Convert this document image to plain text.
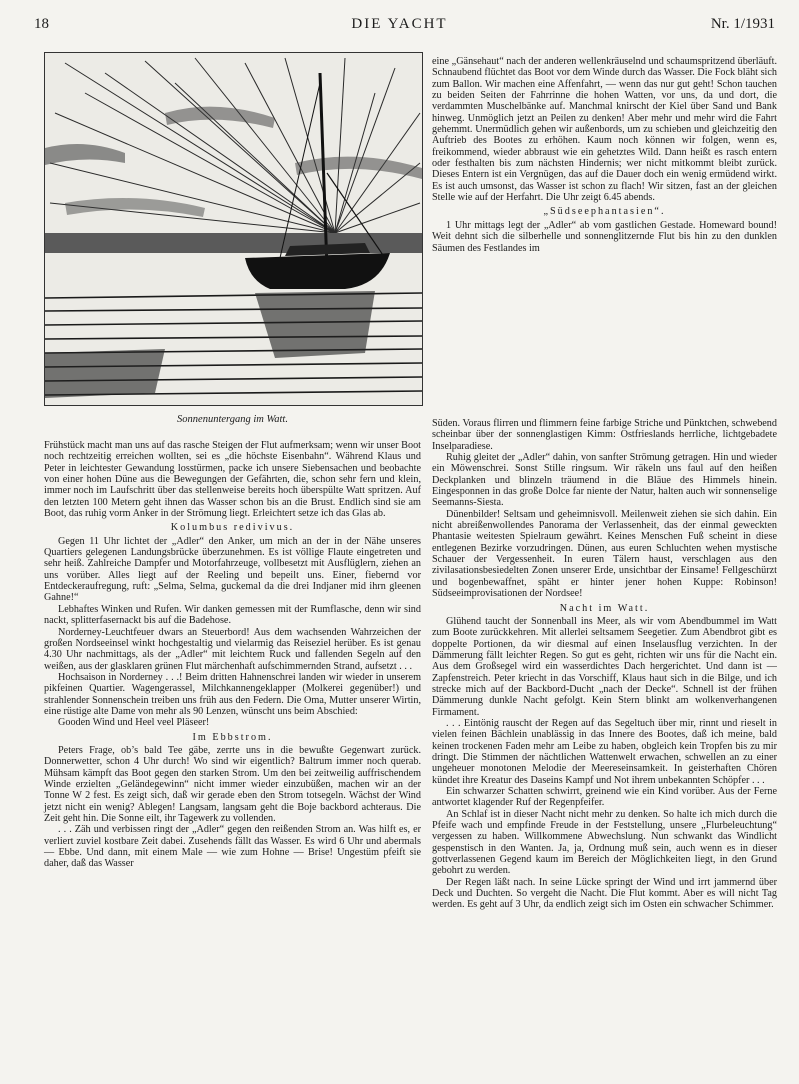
18	DIE YACHT	Nr. 1/1931
Sonnenuntergang im Watt.

Frühstück macht man uns auf das rasche Steigen der Flut aufmerksam; wenn wir unser Boot noch rechtzeitig erreichen wollten, sei es „die höchste Eisenbahn“. Während Klaus und Peter in leichtester Gewandung losstürmen, packe ich unsere Siebensachen und beobachte von einer hohen Düne aus die Bewegungen der Gefährten, die, schon sehr fern und klein, immer noch im Laufschritt über das stellenweise bereits hoch überspülte Watt spritzen. Auf den letzten 100 Metern geht ihnen das Wasser schon bis an die Brust. Endlich sind sie am Boot, das ruhig vorm Anker in der Strömung liegt. Erleichtert setze ich das Glas ab.

Kolumbus redivivus.

Gegen 11 Uhr lichtet der „Adler“ den Anker, um mich an der in der Nähe unseres Quartiers gelegenen Landungsbrücke überzunehmen. Es ist völlige Flaute eingetreten und sehr heiß. Zahlreiche Dampfer und Motorfahrzeuge, vollbesetzt mit Ausflüglern, ziehen an uns vorüber. Alles liegt auf der Reeling und bepeilt uns. Einer, fiebernd vor Entdeckeraufregung, ruft: „Selma, Selma, guckemal da die drei Indjaner mid ihrn gleenen Gahne!“

Lebhaftes Winken und Rufen. Wir danken gemessen mit der Rumflasche, denn wir sind nackt, splitterfasernackt bis auf die Badehose.

Norderney-Leuchtfeuer dwars an Steuerbord! Aus dem wachsenden Wahrzeichen der großen Nordseeinsel winkt hochgestaltig und vielarmig das Reiseziel herüber. Es ist genau 4.30 Uhr nachmittags, als der „Adler“ mit leichtem Ruck und fallenden Segeln auf den weißen, aus der glasklaren grünen Flut märchenhaft aufschimmernden Strand, aufsetzt . . .

Hochsaison in Norderney . . .! Beim dritten Hahnenschrei landen wir wieder in unserem pikfeinen Quartier. Wagengerassel, Milchkannengeklapper (Molkerei gegenüber!) und strahlender Sonnenschein treiben uns früh aus den Federn. Die Oma, Mutter unserer Wirtin, eine rüstige alte Dame von mehr als 90 Lenzen, wünscht uns beim Abschied:

Gooden Wind und Heel veel Pläseer!

Im Ebbstrom.

Peters Frage, ob’s bald Tee gäbe, zerrte uns in die bewußte Gegenwart zurück. Donnerwetter, schon 4 Uhr durch! Wo sind wir eigentlich? Baltrum immer noch querab. Mühsam kämpft das Boot gegen den starken Strom. Um den bei zeitweilig auffrischendem Winde erzielten „Geländegewinn“ nicht immer wieder einzubüßen, machen wir an der Tonne W 2 fest. Es zeigt sich, daß wir gerade eben den Strom totsegeln. Wächst der Wind jetzt nicht ein wenig? Ablegen! Langsam, langsam geht die Boje backbord achteraus. Die Zeit geht hin. Die Sonne eilt, ihr Tagewerk zu vollenden.

. . . Zäh und verbissen ringt der „Adler“ gegen den reißenden Strom an. Was hilft es, er verliert zuviel kostbare Zeit dabei. Zusehends fällt das Wasser. Es wird 6 Uhr und abermals — Ebbe. Und dann, mit einem Male — wie zum Hohne — Brise! Ungestüm pfeift sie daher, daß das Wasser

eine „Gänsehaut“ nach der anderen wellenkräuselnd und schaumspritzend überläuft. Schnaubend flüchtet das Boot vor dem Winde durch das Wasser. Die Fock bläht sich zum Ballon. Wir machen eine Affenfahrt, — wenn das nur gut geht! Schon tauchen zu beiden Seiten der Fahrrinne die hohen Watten, vor uns, da und dort, die verdammten Muschelbänke auf. Manchmal knirscht der Kiel über Sand und Bank hinweg. Unmöglich jetzt an Peilen zu denken! Aber mehr und mehr wird die Fahrt gehemmt. Unermüdlich gehen wir außenbords, um zu schieben und gleichzeitig den Auftrieb des Bootes zu erhöhen. Kaum noch können wir folgen, wenn es, freikommend, wieder abbraust wie ein gehetztes Wild. Dann heißt es rasch entern oder festhalten bis zum nächsten Hindernis; wer nicht mitkommt bleibt zurück. Dieses Entern ist ein Vergnügen, das auf die Dauer doch ein wenig ermüdend wirkt. Es ist auch umsonst, das Wasser ist schon zu flach! Wir sitzen, fast an der gleichen Stelle wie auf der Herfahrt. Die Uhr zeigt 6.45 abends.

„Südseephantasien“.

1 Uhr mittags legt der „Adler“ ab vom gastlichen Gestade. Homeward bound! Weit dehnt sich die silberhelle und sonnenglitzernde Flut bis hin zu den dunklen Säumen des Festlandes im

Süden. Voraus flirren und flimmern feine farbige Striche und Pünktchen, schwebend scheinbar über der sonnenglastigen Kimm: Ostfrieslands herrliche, lichtgebadete Inselparadiese.

Ruhig gleitet der „Adler“ dahin, von sanfter Strömung getragen. Hin und wieder ein Möwenschrei. Sonst Stille ringsum. Wir räkeln uns faul auf den heißen Deckplanken und blinzeln träumend in die Bläue des Himmels hinein. Eingesponnen in das große Dolce far niente der Natur, halten auch wir sonnenselige Seemanns-Siesta.

Dünenbilder! Seltsam und geheimnisvoll. Meilenweit ziehen sie sich dahin. Ein nicht abreißenwollendes Panorama der Verlassenheit, das der einmal geweckten Phantasie weitesten Spielraum gewährt. Keines Menschen Fuß scheint in diese entlegenen Bezirke vorzudringen. Dünen, aus euren Schluchten wehen mystische Schauer der Vergessenheit. In euren Tälern haust, verschlagen aus den zivilasationsbesiedelten Zonen unserer Erde, unsichtbar der Einsame! Fellgeschürzt und bogenbewaffnet, späht er hinter jener hohen Kuppe: Robinson! Südseeimprovisationen der Nordsee!

Nacht im Watt.

Glühend taucht der Sonnenball ins Meer, als wir vom Abendbummel im Watt zum Boote zurückkehren. Mit allerlei seltsamem Seegetier. Zum Abendbrot gibt es doppelte Portionen, da wir diesmal auf einen Inselausflug verzichten. In der Dämmerung fällt leichter Regen. So gut es geht, richten wir uns für die Nacht ein. Aus dem Großsegel wird ein wasserdichtes Dach hergerichtet. Und dann ist — Zapfenstreich. Peter kriecht in das Vorschiff, Klaus haut sich in die Bilge, und ich strecke mich auf der Backbord-Ducht „nach der Decke“. Schnell ist der frühen Dämmerung dunkle Nacht gefolgt. Kein Stern blinkt am wolkenverhangenen Firmament.

. . . Eintönig rauscht der Regen auf das Segeltuch über mir, rinnt und rieselt in vielen feinen Bächlein unablässig in das Innere des Bootes, daß ich meine, bald keinen trockenen Faden mehr am Leibe zu haben, obgleich kein Tropfen bis zu mir dringt. Die Stimmen der nächtlichen Wattenwelt erwachen, schwellen an zu einer ungeheuer monotonen Melodie der Meereseinsamkeit. In geisterhaften Chören kündet ihre Kreatur des Daseins Kampf und Not ihrem unbekannten Schöpfer . . .

Ein schwarzer Schatten schwirrt, greinend wie ein Kind vorüber. Aus der Ferne antwortet klagender Ruf der Regenpfeifer.

An Schlaf ist in dieser Nacht nicht mehr zu denken. So halte ich mich durch die Pfeife wach und empfinde Freude in der Feststellung, unsere „Flurbeleuchtung“ vergessen zu haben. Willkommene Abwechslung. Nun schwankt das Windlicht gespenstisch in den Wanten. Ja, ja, Ordnung muß sein, auch wenn es in dieser gottverlassenen Gegend kaum im Bereich der Möglichkeiten liegt, in den Grund gebohrt zu werden.

Der Regen läßt nach. In seine Lücke springt der Wind und irrt jammernd über Deck und Duchten. So vergeht die Nacht. Die Flut kommt. Aber es will nicht Tag werden. Es geht auf 3 Uhr, da endlich zeigt sich im Osten ein schwacher Schimmer.
